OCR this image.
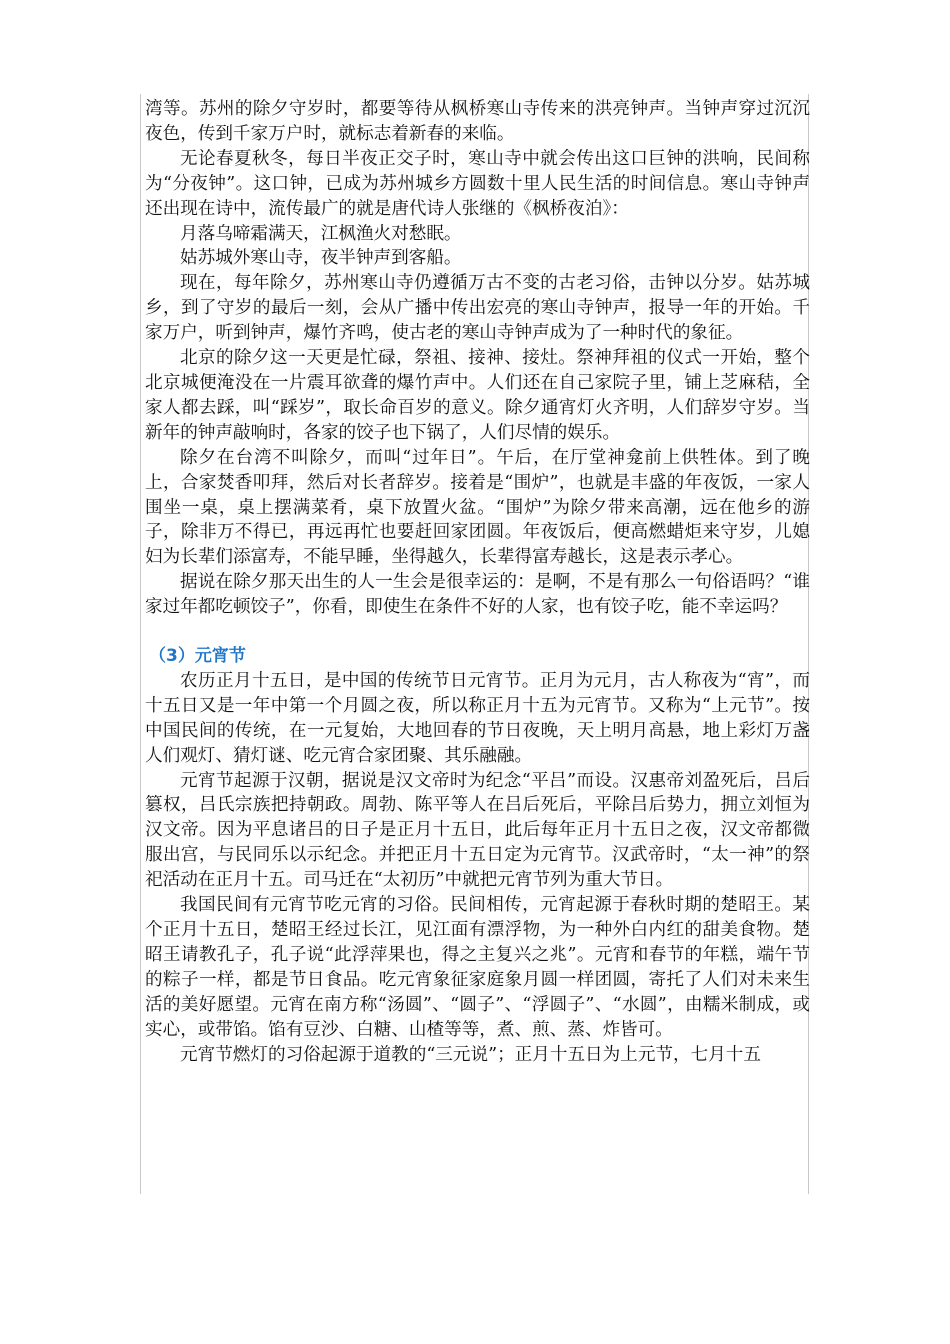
湾等。苏州的除夕守岁时，都要等待从枫桥寒山寺传来的洪亮钟声。当钟声穿过沉沉夜色，传到千家万户时，就标志着新春的来临。

无论春夏秋冬，每日半夜正交子时，寒山寺中就会传出这口巨钟的洪响，民间称为“分夜钟”。这口钟，已成为苏州城乡方圆数十里人民生活的时间信息。寒山寺钟声还出现在诗中，流传最广的就是唐代诗人张继的《枫桥夜泊》：

月落乌啼霜满天，江枫渔火对愁眠。

姑苏城外寒山寺，夜半钟声到客船。

现在，每年除夕，苏州寒山寺仍遵循万古不变的古老习俗，击钟以分岁。姑苏城乡，到了守岁的最后一刻，会从广播中传出宏亮的寒山寺钟声，报导一年的开始。千家万户，听到钟声，爆竹齐鸣，使古老的寒山寺钟声成为了一种时代的象征。

北京的除夕这一天更是忙碌，祭祖、接神、接灶。祭神拜祖的仪式一开始，整个北京城便淹没在一片震耳欲聋的爆竹声中。人们还在自己家院子里，铺上芝麻秸，全家人都去踩，叫“踩岁”，取长命百岁的意义。除夕通宵灯火齐明，人们辞岁守岁。当新年的钟声敲响时，各家的饺子也下锅了，人们尽情的娱乐。

除夕在台湾不叫除夕，而叫“过年日”。午后，在厅堂神龛前上供牲体。到了晚上，合家焚香叩拜，然后对长者辞岁。接着是“围炉”，也就是丰盛的年夜饭，一家人围坐一桌，桌上摆满菜肴，桌下放置火盆。“围炉”为除夕带来高潮，远在他乡的游子，除非万不得已，再远再忙也要赶回家团圆。年夜饭后，便高燃蜡炬来守岁，儿媳妇为长辈们添富寿，不能早睡，坐得越久，长辈得富寿越长，这是表示孝心。

据说在除夕那天出生的人一生会是很幸运的：是啊，不是有那么一句俗语吗？“谁家过年都吃顿饺子”，你看，即使生在条件不好的人家，也有饺子吃，能不幸运吗？

（3）元宵节

农历正月十五日，是中国的传统节日元宵节。正月为元月，古人称夜为“宵”，而十五日又是一年中第一个月圆之夜，所以称正月十五为元宵节。又称为“上元节”。按中国民间的传统，在一元复始，大地回春的节日夜晚，天上明月高悬，地上彩灯万盏人们观灯、猜灯谜、吃元宵合家团聚、其乐融融。

元宵节起源于汉朝，据说是汉文帝时为纪念“平吕”而设。汉惠帝刘盈死后，吕后篡权，吕氏宗族把持朝政。周勃、陈平等人在吕后死后，平除吕后势力，拥立刘恒为汉文帝。因为平息诸吕的日子是正月十五日，此后每年正月十五日之夜，汉文帝都微服出宫，与民同乐以示纪念。并把正月十五日定为元宵节。汉武帝时，“太一神”的祭祀活动在正月十五。司马迁在“太初历”中就把元宵节列为重大节日。

我国民间有元宵节吃元宵的习俗。民间相传，元宵起源于春秋时期的楚昭王。某个正月十五日，楚昭王经过长江，见江面有漂浮物，为一种外白内红的甜美食物。楚昭王请教孔子，孔子说“此浮萍果也，得之主复兴之兆”。元宵和春节的年糕，端午节的粽子一样，都是节日食品。吃元宵象征家庭象月圆一样团圆，寄托了人们对未来生活的美好愿望。元宵在南方称“汤圆”、“圆子”、“浮圆子”、“水圆”，由糯米制成，或实心，或带馅。馅有豆沙、白糖、山楂等等，煮、煎、蒸、炸皆可。

元宵节燃灯的习俗起源于道教的“三元说”；正月十五日为上元节，七月十五
